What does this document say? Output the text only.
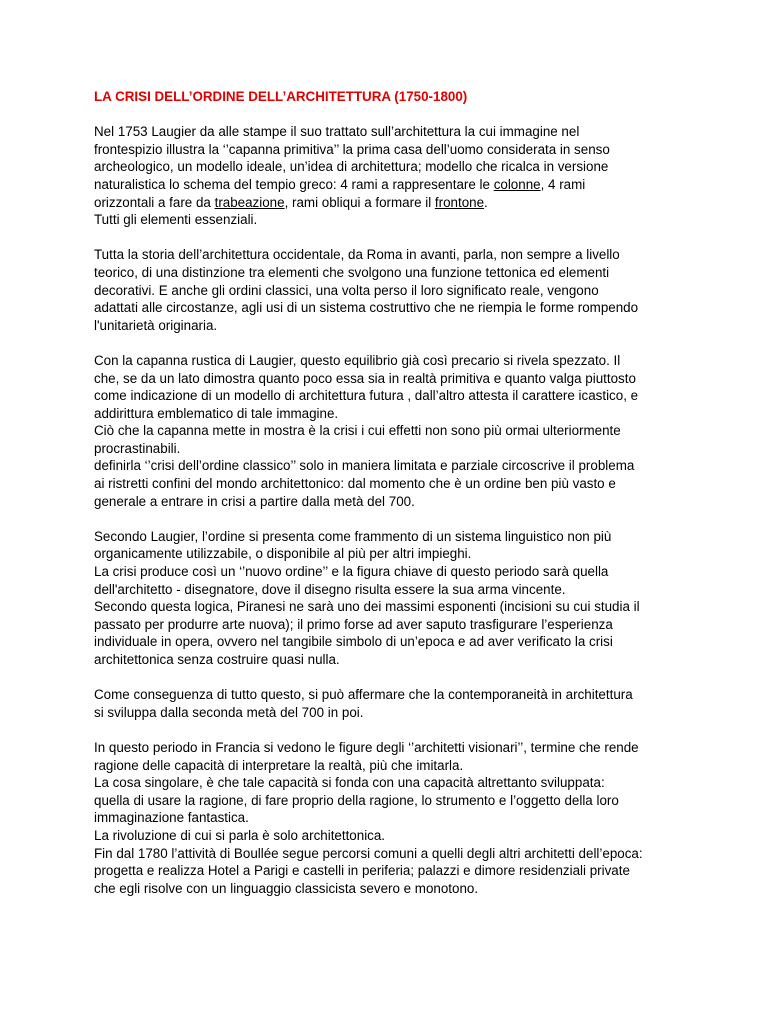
LA CRISI DELL’ORDINE DELL’ARCHITETTURA (1750-1800)
Nel 1753 Laugier da alle stampe il suo trattato sull’architettura la cui immagine nel
frontespizio illustra la ‘’capanna primitiva’’ la prima casa dell’uomo considerata in senso
archeologico, un modello ideale, un’idea di architettura; modello che ricalca in versione
naturalistica lo schema del tempio greco: 4 rami a rappresentare le colonne, 4 rami
orizzontali a fare da trabeazione, rami obliqui a formare il frontone.
Tutti gli elementi essenziali.
Tutta la storia dell’architettura occidentale, da Roma in avanti, parla, non sempre a livello
teorico, di una distinzione tra elementi che svolgono una funzione tettonica ed elementi
decorativi. E anche gli ordini classici, una volta perso il loro significato reale, vengono
adattati alle circostanze, agli usi di un sistema costruttivo che ne riempia le forme rompendo
l'unitarietà originaria.
Con la capanna rustica di Laugier, questo equilibrio già così precario si rivela spezzato. Il
che, se da un lato dimostra quanto poco essa sia in realtà primitiva e quanto valga piuttosto
come indicazione di un modello di architettura futura , dall’altro attesta il carattere icastico, e
addirittura emblematico di tale immagine.
Ciò che la capanna mette in mostra è la crisi i cui effetti non sono più ormai ulteriormente
procrastinabili.
definirla ‘’crisi dell’ordine classico’’ solo in maniera limitata e parziale circoscrive il problema
ai ristretti confini del mondo architettonico: dal momento che è un ordine ben più vasto e
generale a entrare in crisi a partire dalla metà del 700.
Secondo Laugier, l’ordine si presenta come frammento di un sistema linguistico non più
organicamente utilizzabile, o disponibile al più per altri impieghi.
La crisi produce così un ‘’nuovo ordine’’ e la figura chiave di questo periodo sarà quella
dell'architetto - disegnatore, dove il disegno risulta essere la sua arma vincente.
Secondo questa logica, Piranesi ne sarà uno dei massimi esponenti (incisioni su cui studia il
passato per produrre arte nuova); il primo forse ad aver saputo trasfigurare l’esperienza
individuale in opera, ovvero nel tangibile simbolo di un’epoca e ad aver verificato la crisi
architettonica senza costruire quasi nulla.
Come conseguenza di tutto questo, si può affermare che la contemporaneità in architettura
si sviluppa dalla seconda metà del 700 in poi.
In questo periodo in Francia si vedono le figure degli ‘’architetti visionari’’, termine che rende
ragione delle capacità di interpretare la realtà, più che imitarla.
La cosa singolare, è che tale capacità si fonda con una capacità altrettanto sviluppata:
quella di usare la ragione, di fare proprio della ragione, lo strumento e l’oggetto della loro
immaginazione fantastica.
La rivoluzione di cui si parla è solo architettonica.
Fin dal 1780 l’attività di Boullée segue percorsi comuni a quelli degli altri architetti dell’epoca:
progetta e realizza Hotel a Parigi e castelli in periferia; palazzi e dimore residenziali private
che egli risolve con un linguaggio classicista severo e monotono.
